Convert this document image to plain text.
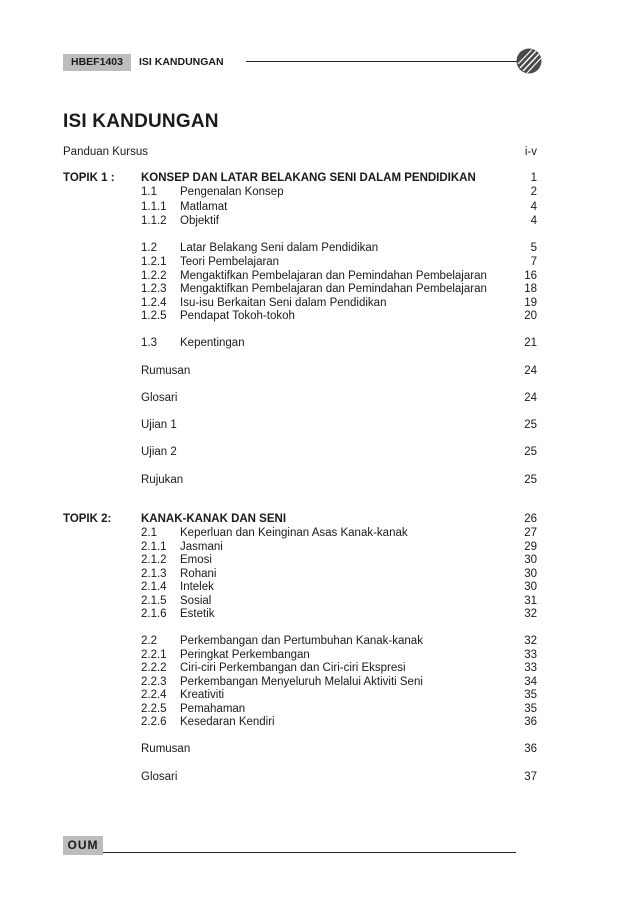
HBEF1403	ISI KANDUNGAN
ISI KANDUNGAN
Panduan Kursus	i-v
TOPIK 1 : KONSEP DAN LATAR BELAKANG SENI DALAM PENDIDIKAN	1
1.1 Pengenalan Konsep	2
1.1.1 Matlamat	4
1.1.2 Objektif	4
1.2 Latar Belakang Seni dalam Pendidikan	5
1.2.1 Teori Pembelajaran	7
1.2.2 Mengaktifkan Pembelajaran dan Pemindahan Pembelajaran	16
1.2.3 Mengaktifkan Pembelajaran dan Pemindahan Pembelajaran	18
1.2.4 Isu-isu Berkaitan Seni dalam Pendidikan	19
1.2.5 Pendapat Tokoh-tokoh	20
1.3 Kepentingan	21
Rumusan	24
Glosari	24
Ujian 1	25
Ujian 2	25
Rujukan	25
TOPIK 2:	KANAK-KANAK DAN SENI	26
2.1 Keperluan dan Keinginan Asas Kanak-kanak	27
2.1.1 Jasmani	29
2.1.2 Emosi	30
2.1.3 Rohani	30
2.1.4 Intelek	30
2.1.5 Sosial	31
2.1.6 Estetik	32
2.2 Perkembangan dan Pertumbuhan Kanak-kanak	32
2.2.1 Peringkat Perkembangan	33
2.2.2 Ciri-ciri Perkembangan dan Ciri-ciri Ekspresi	33
2.2.3 Perkembangan Menyeluruh Melalui Aktiviti Seni	34
2.2.4 Kreativiti	35
2.2.5 Pemahaman	35
2.2.6 Kesedaran Kendiri	36
Rumusan	36
Glosari	37
OUM
